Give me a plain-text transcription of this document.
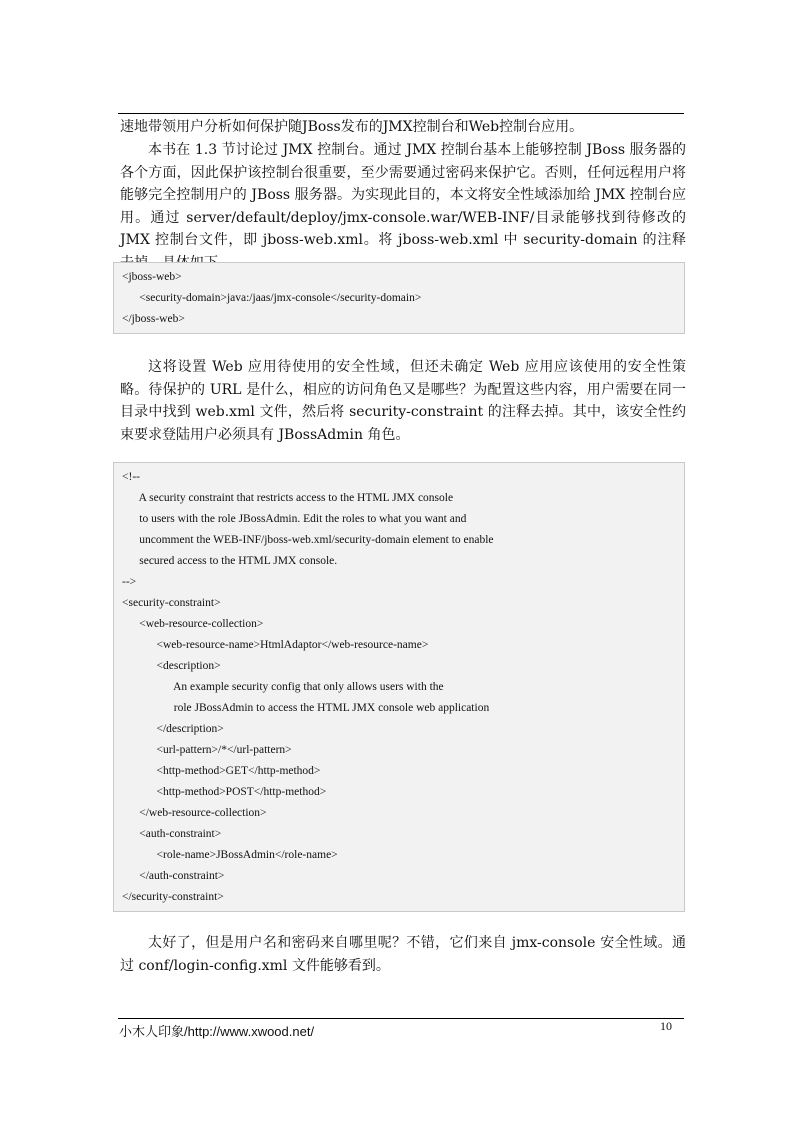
速地带领用户分析如何保护随JBoss发布的JMX控制台和Web控制台应用。

本书在 1.3 节讨论过 JMX 控制台。通过 JMX 控制台基本上能够控制 JBoss 服务器的各个方面，因此保护该控制台很重要，至少需要通过密码来保护它。否则，任何远程用户将能够完全控制用户的 JBoss 服务器。为实现此目的，本文将安全性域添加给 JMX 控制台应用。通过 server/default/deploy/jmx-console.war/WEB-INF/目录能够找到待修改的 JMX 控制台文件，即 jboss-web.xml。将 jboss-web.xml 中 security-domain 的注释

<jboss-web>
<security-domain>java:/jaas/jmx-console</security-domain>
</jboss-web>

这将设置 Web 应用待使用的安全性域，但还未确定 Web 应用应该使用的安全性策略。待保护的 URL 是什么，相应的访问角色又是哪些？为配置这些内容，用户需要在同一目录中找到 web.xml 文件，然后将 security-constraint 的注释去掉。其中，该安全性约束要求登陆用户必须具有 JBossAdmin 角色。

<!--
A security constraint that restricts access to the HTML JMX console
to users with the role JBossAdmin. Edit the roles to what you want and
uncomment the WEB-INF/jboss-web.xml/security-domain element to enable
secured access to the HTML JMX console.
-->
<security-constraint>
<web-resource-collection>
<web-resource-name>HtmlAdaptor</web-resource-name>
<description>
An example security config that only allows users with the
role JBossAdmin to access the HTML JMX console web application
</description>
<url-pattern>/*</url-pattern>
<http-method>GET</http-method>
<http-method>POST</http-method>
</web-resource-collection>
<auth-constraint>
<role-name>JBossAdmin</role-name>
</auth-constraint>
</security-constraint>

太好了，但是用户名和密码来自哪里呢？不错，它们来自 jmx-console 安全性域。通过 conf/login-config.xml 文件能够看到。

小木人印象/http://www.xwood.net/	10
